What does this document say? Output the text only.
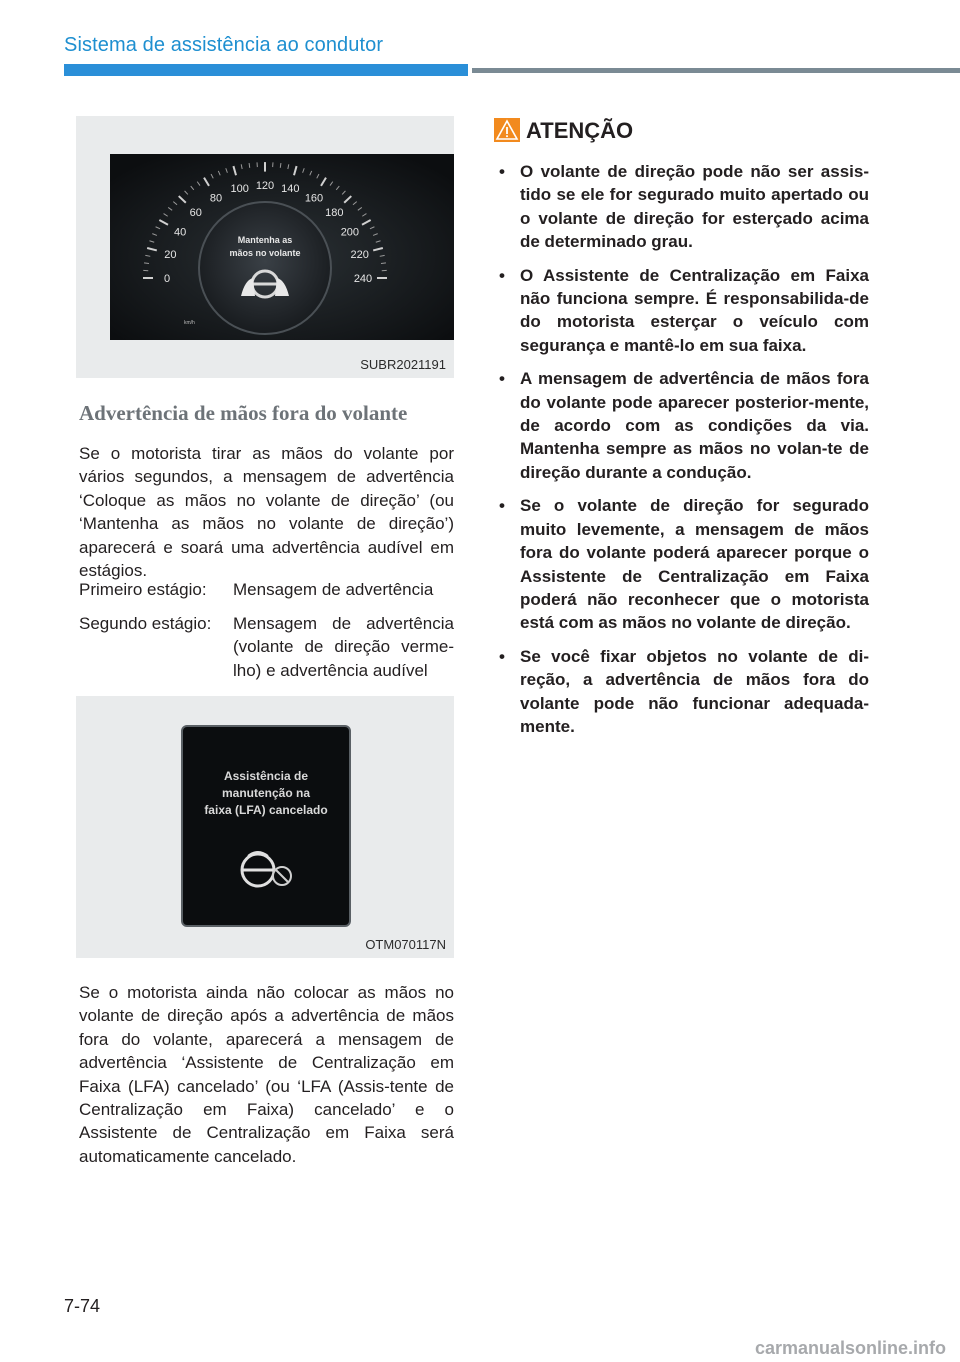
Sistema de assistência ao condutor
0
20
40
60
80
100 120 140
160
180
200
220
240
Mantenha as
mãos no volante
km/h
SUBR2021191
Advertência de mãos fora do volante
Se o motorista tirar as mãos do volante por vários segundos, a mensagem de advertência ‘Coloque as mãos no volante de direção’ (ou ‘Mantenha as mãos no volante de direção’) aparecerá e soará uma advertência audível em estágios.
Primeiro estágio:	Mensagem de advertência
Segundo estágio:	Mensagem de advertência (volante de direção verme-lho) e advertência audível
Assistência de
manutenção na
faixa (LFA) cancelado
OTM070117N
Se o motorista ainda não colocar as mãos no volante de direção após a advertência de mãos fora do volante, aparecerá a mensagem de advertência ‘Assistente de Centralização em Faixa (LFA) cancelado’ (ou ‘LFA (Assis-tente de Centralização em Faixa) cancelado’ e o Assistente de Centralização em Faixa será automaticamente cancelado.
ATENÇÃO
• O volante de direção pode não ser assis-tido se ele for segurado muito apertado ou o volante de direção for esterçado acima de determinado grau.
• O Assistente de Centralização em Faixa não funciona sempre. É responsabilida-de do motorista esterçar o veículo com segurança e mantê-lo em sua faixa.
• A mensagem de advertência de mãos fora do volante pode aparecer posterior-mente, de acordo com as condições da via. Mantenha sempre as mãos no volan-te de direção durante a condução.
• Se o volante de direção for segurado muito levemente, a mensagem de mãos fora do volante poderá aparecer porque o Assistente de Centralização em Faixa poderá não reconhecer que o motorista está com as mãos no volante de direção.
• Se você fixar objetos no volante de di-reção, a advertência de mãos fora do volante pode não funcionar adequada-mente.
7-74
carmanualsonline.info
